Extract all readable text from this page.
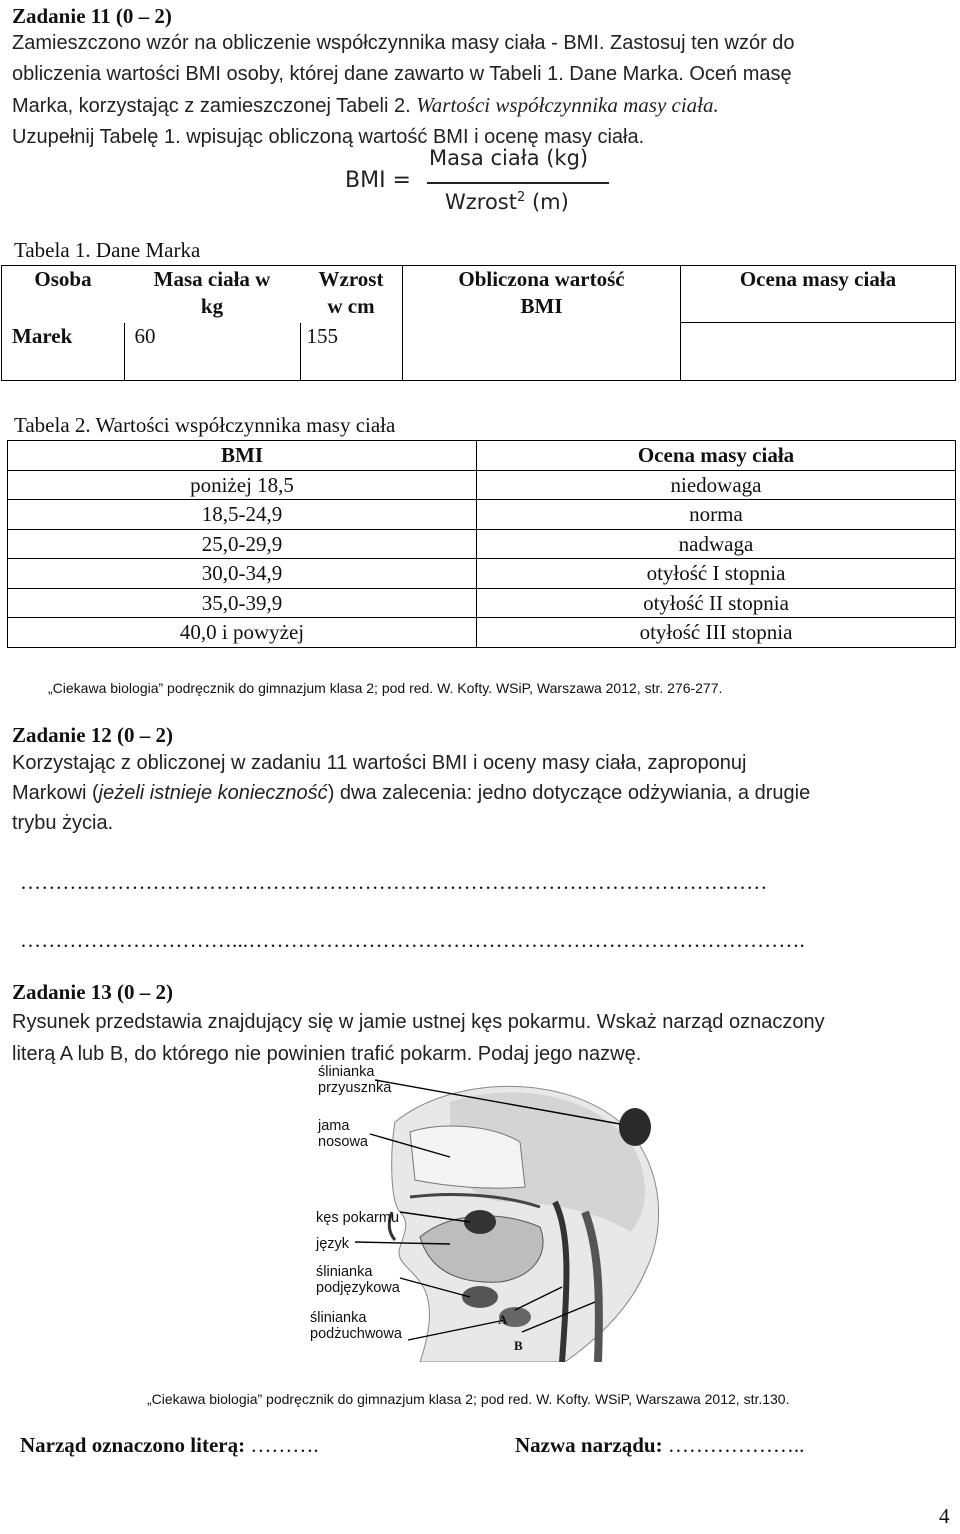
Zadanie 11 (0 – 2)
Zamieszczono wzór na obliczenie współczynnika masy ciała - BMI. Zastosuj ten wzór do
obliczenia wartości BMI osoby, której dane zawarto w Tabeli 1. Dane Marka. Oceń masę
Marka, korzystając z zamieszczonej Tabeli 2. Wartości współczynnika masy ciała.
Uzupełnij Tabelę 1. wpisując obliczoną wartość BMI i ocenę masy ciała.
BMI =
Masa ciała (kg)
Wzrost$^2$ (m)
Tabela 1. Dane Marka
Osoba	Masa ciała w kg	Wzrost w cm	Obliczona wartość BMI	Ocena masy ciała
Marek	60	155		
Tabela 2. Wartości współczynnika masy ciała
BMI	Ocena masy ciała
poniżej 18,5	niedowaga
18,5-24,9	norma
25,0-29,9	nadwaga
30,0-34,9	otyłość I stopnia
35,0-39,9	otyłość II stopnia
40,0 i powyżej	otyłość III stopnia
„Ciekawa biologia” podręcznik do gimnazjum klasa 2; pod red. W. Kofty. WSiP, Warszawa 2012, str. 276-277.
Zadanie 12 (0 – 2)
Korzystając z obliczonej w zadaniu 11 wartości BMI i oceny masy ciała, zaproponuj
Markowi (jeżeli istnieje konieczność) dwa zalecenia: jedno dotyczące odżywiania, a drugie
trybu życia.
……….……………………………………………………………………………………
…………………………...…………………………………………………………………….
Zadanie 13 (0 – 2)
Rysunek przedstawia znajdujący się w jamie ustnej kęs pokarmu. Wskaż narząd oznaczony
literą A lub B, do którego nie powinien trafić pokarm. Podaj jego nazwę.
ślinianka
przyusznka
jama
nosowa
kęs pokarmu
język
ślinianka
podjęzykowa
ślinianka
podżuchwowa
A
B
„Ciekawa biologia” podręcznik do gimnazjum klasa 2; pod red. W. Kofty. WSiP, Warszawa 2012, str.130.
Narząd oznaczono literą: ……….	Nazwa narządu: ………………..
4
